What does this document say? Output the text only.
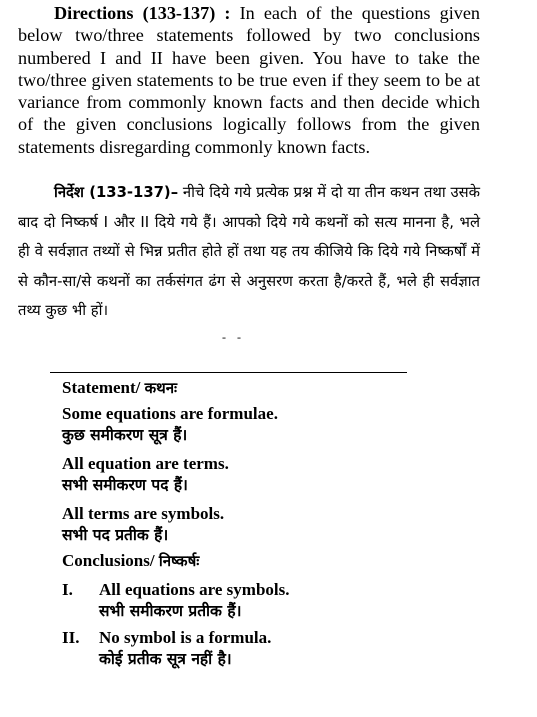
Directions (133-137) : In each of the questions given below two/three statements followed by two conclusions numbered I and II have been given. You have to take the two/three given statements to be true even if they seem to be at variance from commonly known facts and then decide which of the given conclusions logically follows from the given statements disregarding commonly known facts.
निर्देश (133-137)– नीचे दिये गये प्रत्येक प्रश्न में दो या तीन कथन तथा उसके बाद दो निष्कर्ष I और II दिये गये हैं। आपको दिये गये कथनों को सत्य मानना है, भले ही वे सर्वज्ञात तथ्यों से भिन्न प्रतीत होते हों तथा यह तय कीजिये कि दिये गये निष्कर्षों में से कौन-सा/से कथनों का तर्कसंगत ढंग से अनुसरण करता है/करते हैं, भले ही सर्वज्ञात तथ्य कुछ भी हों।
- -
Statement/ कथनः
Some equations are formulae.
कुछ समीकरण सूत्र हैं।
All equation are terms.
सभी समीकरण पद हैं।
All terms are symbols.
सभी पद प्रतीक हैं।
Conclusions/ निष्कर्षः
I. All equations are symbols.
सभी समीकरण प्रतीक हैं।
II. No symbol is a formula.
कोई प्रतीक सूत्र नहीं है।
